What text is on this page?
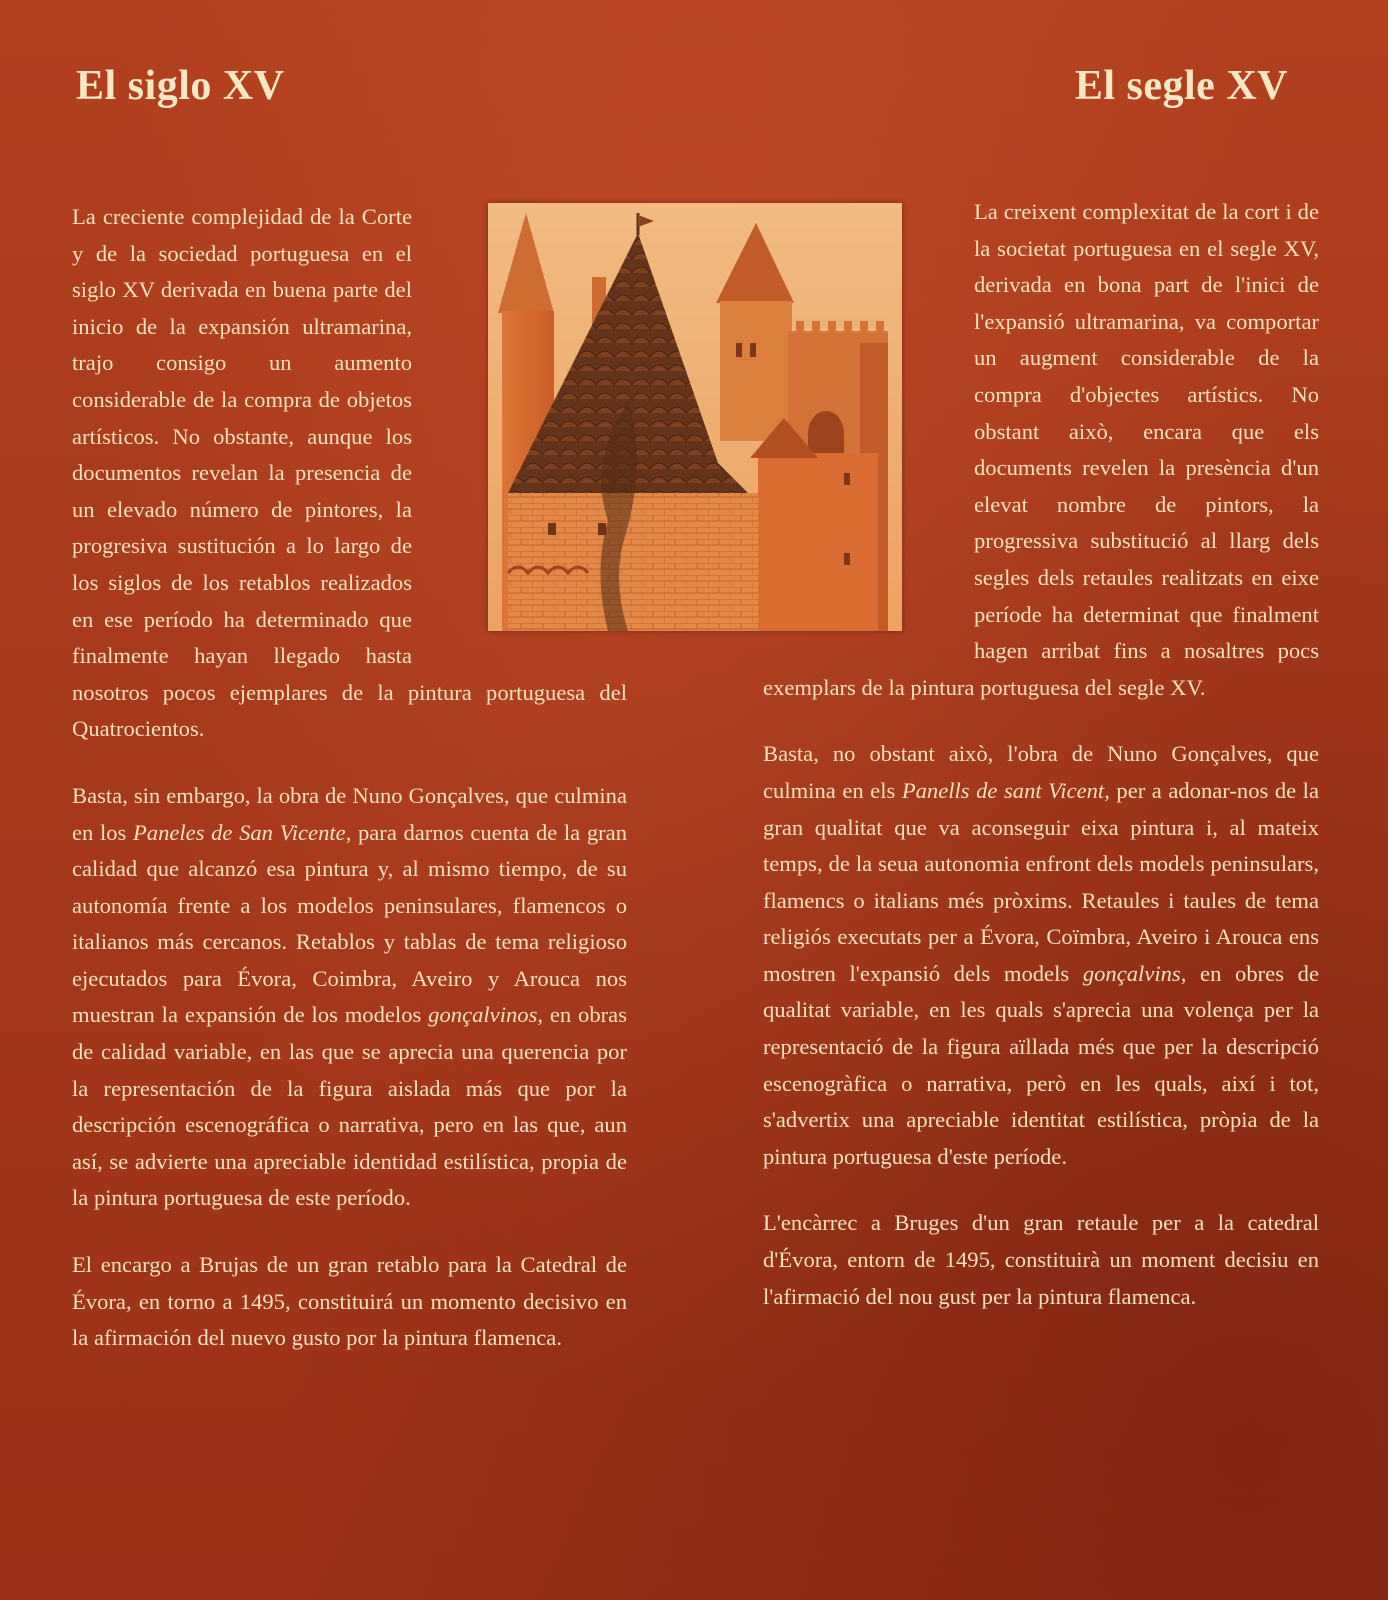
El siglo XV	El segle XV

La creciente complejidad de la Corte y de la sociedad portuguesa en el siglo XV derivada en buena parte del inicio de la expansión ultramarina, trajo consigo un aumento considerable de la compra de objetos artísticos. No obstante, aunque los documentos revelan la presencia de un elevado número de pintores, la progresiva sustitución a lo largo de los siglos de los retablos realizados en ese período ha determinado que finalmente hayan llegado hasta nosotros pocos ejemplares de la pintura portuguesa del Quatrocientos.

Basta, sin embargo, la obra de Nuno Gonçalves, que culmina en los Paneles de San Vicente, para darnos cuenta de la gran calidad que alcanzó esa pintura y, al mismo tiempo, de su autonomía frente a los modelos peninsulares, flamencos o italianos más cercanos. Retablos y tablas de tema religioso ejecutados para Évora, Coimbra, Aveiro y Arouca nos muestran la expansión de los modelos gonçalvinos, en obras de calidad variable, en las que se aprecia una querencia por la representación de la figura aislada más que por la descripción escenográfica o narrativa, pero en las que, aun así, se advierte una apreciable identidad estilística, propia de la pintura portuguesa de este período.

El encargo a Brujas de un gran retablo para la Catedral de Évora, en torno a 1495, constituirá un momento decisivo en la afirmación del nuevo gusto por la pintura flamenca.

La creixent complexitat de la cort i de la societat portuguesa en el segle XV, derivada en bona part de l'inici de l'expansió ultramarina, va comportar un augment considerable de la compra d'objectes artístics. No obstant això, encara que els documents revelen la presència d'un elevat nombre de pintors, la progressiva substitució al llarg dels segles dels retaules realitzats en eixe període ha determinat que finalment hagen arribat fins a nosaltres pocs exemplars de la pintura portuguesa del segle XV.

Basta, no obstant això, l'obra de Nuno Gonçalves, que culmina en els Panells de sant Vicent, per a adonar-nos de la gran qualitat que va aconseguir eixa pintura i, al mateix temps, de la seua autonomia enfront dels models peninsulars, flamencs o italians més pròxims. Retaules i taules de tema religiós executats per a Évora, Coïmbra, Aveiro i Arouca ens mostren l'expansió dels models gonçalvins, en obres de qualitat variable, en les quals s'aprecia una volença per la representació de la figura aïllada més que per la descripció escenogràfica o narrativa, però en les quals, així i tot, s'advertix una apreciable identitat estilística, pròpia de la pintura portuguesa d'este període.

L'encàrrec a Bruges d'un gran retaule per a la catedral d'Évora, entorn de 1495, constituirà un moment decisiu en l'afirmació del nou gust per la pintura flamenca.
